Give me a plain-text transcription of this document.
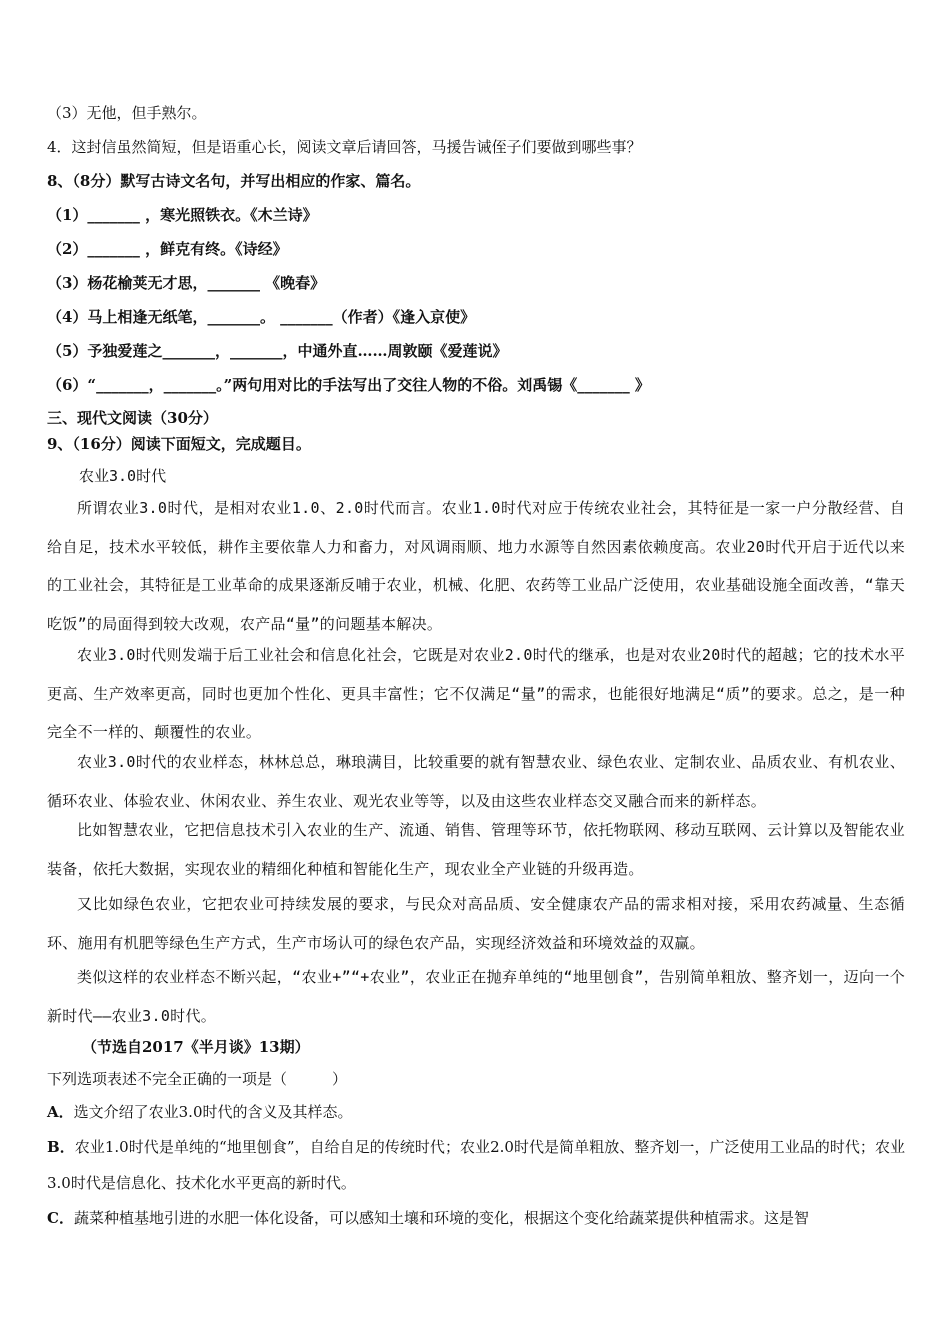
（3）无他，但手熟尔。
4．这封信虽然简短，但是语重心长，阅读文章后请回答，马援告诫侄子们要做到哪些事？
8、（8分）默写古诗文名句，并写出相应的作家、篇名。
（1）_______ ，寒光照铁衣。《木兰诗》
（2）_______ ，鲜克有终。《诗经》
（3）杨花榆荚无才思，_______ 《晚春》
（4）马上相逢无纸笔，_______。 _______（作者）《逢入京使》
（5）予独爱莲之_______，_______，中通外直……周敦颐《爱莲说》
（6）“_______，_______。”两句用对比的手法写出了交往人物的不俗。刘禹锡《_______ 》
三、现代文阅读（30分）
9、（16分）阅读下面短文，完成题目。
农业3.0时代
所谓农业3.0时代，是相对农业1.0、2.0时代而言。农业1.0时代对应于传统农业社会，其特征是一家一户分散经营、自给自足，技术水平较低，耕作主要依靠人力和畜力，对风调雨顺、地力水源等自然因素依赖度高。农业20时代开启于近代以来的工业社会，其特征是工业革命的成果逐渐反哺于农业，机械、化肥、农药等工业品广泛使用，农业基础设施全面改善，“靠天吃饭”的局面得到较大改观，农产品“量”的问题基本解决。
农业3.0时代则发端于后工业社会和信息化社会，它既是对农业2.0时代的继承，也是对农业20时代的超越；它的技术水平更高、生产效率更高，同时也更加个性化、更具丰富性；它不仅满足“量”的需求，也能很好地满足“质”的要求。总之，是一种完全不一样的、颠覆性的农业。
农业3.0时代的农业样态，林林总总，琳琅满目，比较重要的就有智慧农业、绿色农业、定制农业、品质农业、有机农业、循环农业、体验农业、休闲农业、养生农业、观光农业等等，以及由这些农业样态交叉融合而来的新样态。
比如智慧农业，它把信息技术引入农业的生产、流通、销售、管理等环节，依托物联网、移动互联网、云计算以及智能农业装备，依托大数据，实现农业的精细化种植和智能化生产，现农业全产业链的升级再造。
又比如绿色农业，它把农业可持续发展的要求，与民众对高品质、安全健康农产品的需求相对接，采用农药减量、生态循环、施用有机肥等绿色生产方式，生产市场认可的绿色农产品，实现经济效益和环境效益的双赢。
类似这样的农业样态不断兴起，“农业+”“+农业”，农业正在抛弃单纯的“地里刨食”，告别简单粗放、整齐划一，迈向一个新时代——农业3.0时代。
（节选自2017《半月谈》13期）
下列选项表述不完全正确的一项是（　　　）
A．选文介绍了农业3.0时代的含义及其样态。
B．农业1.0时代是单纯的“地里刨食”，自给自足的传统时代；农业2.0时代是简单粗放、整齐划一，广泛使用工业品的时代；农业3.0时代是信息化、技术化水平更高的新时代。
C．蔬菜种植基地引进的水肥一体化设备，可以感知土壤和环境的变化，根据这个变化给蔬菜提供种植需求。这是智
